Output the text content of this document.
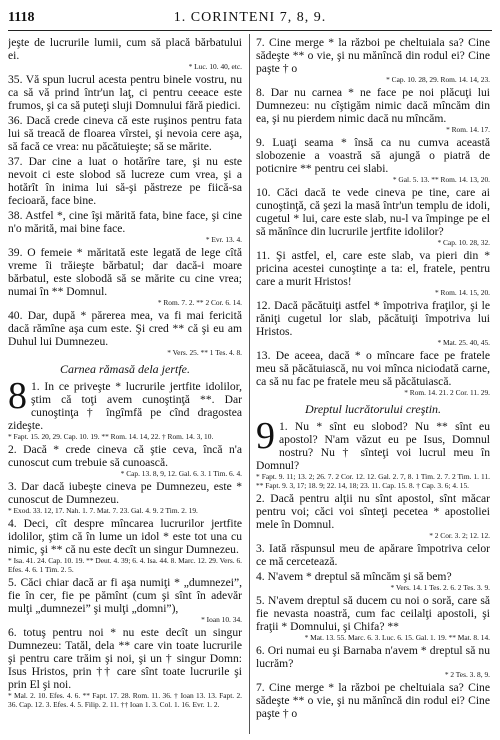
1118	1. CORINTENI 7, 8, 9.

jeşte de lucrurile lumii, cum să placă bărbatului ei.
* Luc. 10. 40, etc.

35. Vă spun lucrul acesta pentru binele vostru, nu ca să vă prind într'un laţ, ci pentru ceeace este frumos, şi ca să puteţi sluji Domnului fără piedici.

36. Dacă crede cineva că este ruşinos pentru fata lui să treacă de floarea vîrstei, şi nevoia cere aşa, să facă ce vrea: nu păcătuieşte; să se mărite.

37. Dar cine a luat o hotărîre tare, şi nu este nevoit ci este slobod să lucreze cum vrea, şi a hotărît în inima lui să-şi păstreze pe fiică-sa fecioară, face bine.

38. Astfel *, cine îşi mărită fata, bine face, şi cine n'o mărită, mai bine face.
* Evr. 13. 4.

39. O femeie * măritată este legată de lege cîtă vreme îi trăieşte bărbatul; dar dacă-i moare bărbatul, este slobodă să se mărite cu cine vrea; numai în ** Domnul.
* Rom. 7. 2. ** 2 Cor. 6. 14.

40. Dar, după * părerea mea, va fi mai fericită dacă rămîne aşa cum este. Şi cred ** că şi eu am Duhul lui Dumnezeu.
* Vers. 25. ** 1 Tes. 4. 8.

Carnea rămasă dela jertfe.

8 1. In ce priveşte * lucrurile jertfite idolilor, ştim că toţi avem cunoştinţă **. Dar cunoştinţa † îngîmfă pe cînd dragostea zideşte.
* Fapt. 15. 20, 29. Cap. 10. 19. ** Rom. 14. 14, 22. † Rom. 14. 3, 10.

2. Dacă * crede cineva că ştie ceva, încă n'a cunoscut cum trebuie să cunoască.
* Cap. 13. 8, 9, 12. Gal. 6. 3. 1 Tim. 6. 4.

3. Dar dacă iubeşte cineva pe Dumnezeu, este * cunoscut de Dumnezeu.
* Exod. 33. 12, 17. Nah. 1. 7. Mat. 7. 23. Gal. 4. 9. 2 Tim. 2. 19.

4. Deci, cît despre mîncarea lucrurilor jertfite idolilor, ştim că în lume un idol * este tot una cu nimic, şi ** că nu este decît un singur Dumnezeu.
* Isa. 41. 24. Cap. 10. 19. ** Deut. 4. 39; 6. 4. Isa. 44. 8. Marc. 12. 29. Vers. 6. Efes. 4. 6. 1 Tim. 2. 5.

5. Căci chiar dacă ar fi aşa numiţi * „dumnezei”, fie în cer, fie pe pămînt (cum şi sînt în adevăr mulţi „dumnezei” şi mulţi „domni”),
* Ioan 10. 34.

6. totuş pentru noi * nu este decît un singur Dumnezeu: Tatăl, dela ** care vin toate lucrurile şi pentru care trăim şi noi, şi un † singur Domn: Isus Hristos, prin †† care sînt toate lucrurile şi prin El şi noi.
* Mal. 2. 10. Efes. 4. 6. ** Fapt. 17. 28. Rom. 11. 36. † Ioan 13. 13. Fapt. 2. 36. Cap. 12. 3. Efes. 4. 5. Filip. 2. 11. †† Ioan 1. 3. Col. 1. 16. Evr. 1. 2.

7. Cine merge * la război pe cheltuiala sa? Cine sădeşte ** o vie, şi nu mănîncă din rodul ei? Cine paşte † o
* Cap. 10. 28, 29. Rom. 14. 14, 23.

8. Dar nu carnea * ne face pe noi plăcuţi lui Dumnezeu: nu cîştigăm nimic dacă mîncăm din ea, şi nu pierdem nimic dacă nu mîncăm.
* Rom. 14. 17.

9. Luaţi seama * însă ca nu cumva această slobozenie a voastră să ajungă o piatră de poticnire ** pentru cei slabi.
* Gal. 5. 13. ** Rom. 14. 13, 20.

10. Căci dacă te vede cineva pe tine, care ai cunoştinţă, că şezi la masă într'un templu de idoli, cugetul * lui, care este slab, nu-l va împinge pe el să mănînce din lucrurile jertfite idolilor?
* Cap. 10. 28, 32.

11. Şi astfel, el, care este slab, va pieri din * pricina acestei cunoştinţe a ta: el, fratele, pentru care a murit Hristos!
* Rom. 14. 15, 20.

12. Dacă păcătuiţi astfel * împotriva fraţilor, şi le răniţi cugetul lor slab, păcătuiţi împotriva lui Hristos.
* Mat. 25. 40, 45.

13. De aceea, dacă * o mîncare face pe fratele meu să păcătuiască, nu voi mînca niciodată carne, ca să nu fac pe fratele meu să păcătuiască.
* Rom. 14. 21. 2 Cor. 11. 29.

Dreptul lucrătorului creştin.

9 1. Nu * sînt eu slobod? Nu ** sînt eu apostol? N'am văzut eu pe Isus, Domnul nostru? Nu † sînteţi voi lucrul meu în Domnul?
* Fapt. 9. 11; 13. 2; 26. 7. 2 Cor. 12. 12. Gal. 2. 7, 8. 1 Tim. 2. 7. 2 Tim. 1. 11. ** Fapt. 9. 3, 17; 18. 9; 22. 14, 18; 23. 11. Cap. 15. 8. † Cap. 3. 6; 4. 15.

2. Dacă pentru alţii nu sînt apostol, sînt măcar pentru voi; căci voi sînteţi pecetea * apostoliei mele în Domnul.
* 2 Cor. 3. 2; 12. 12.

3. Iată răspunsul meu de apărare împotriva celor ce mă cercetează.

4. N'avem * dreptul să mîncăm şi să bem?
* Vers. 14. 1 Tes. 2. 6. 2 Tes. 3. 9.

5. N'avem dreptul să ducem cu noi o soră, care să fie nevasta noastră, cum fac ceilalţi apostoli, şi fraţii * Domnului, şi Chifa? **
* Mat. 13. 55. Marc. 6. 3. Luc. 6. 15. Gal. 1. 19. ** Mat. 8. 14.

6. Ori numai eu şi Barnaba n'avem * dreptul să nu lucrăm?
* 2 Tes. 3. 8, 9.

7. Cine merge * la război pe cheltuiala sa? Cine sădeşte ** o vie, şi nu mănîncă din rodul ei? Cine paşte † o
